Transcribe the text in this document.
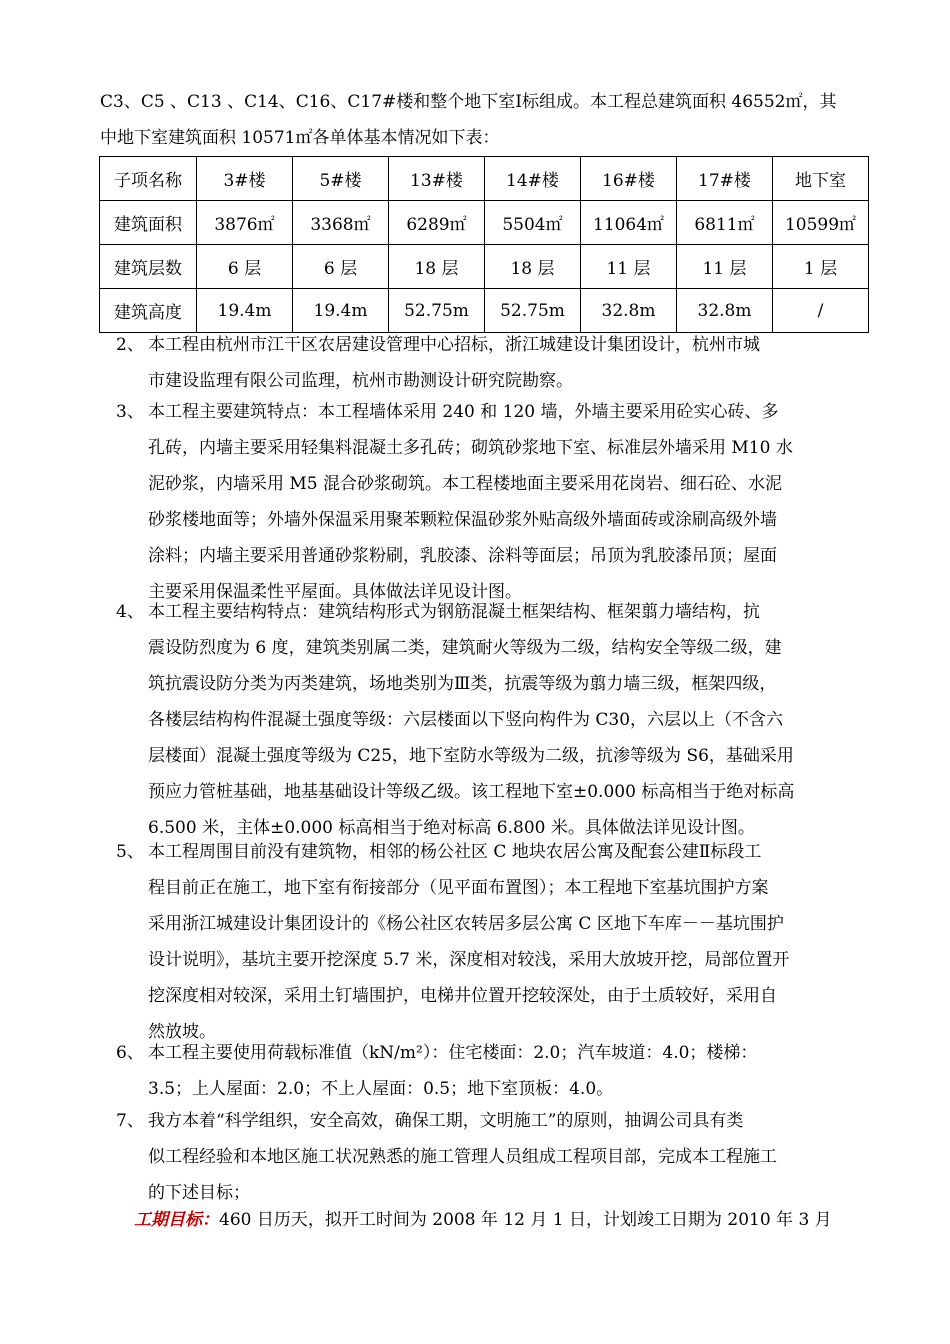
C3、C5 、C13 、C14、C16、C17#楼和整个地下室Ⅰ标组成。本工程总建筑面积 46552㎡，其
中地下室建筑面积 10571㎡各单体基本情况如下表：
子项名称	3#楼	5#楼	13#楼	14#楼	16#楼	17#楼	地下室
建筑面积	3876㎡	3368㎡	6289㎡	5504㎡	11064㎡	6811㎡	10599㎡
建筑层数	6 层	6 层	18 层	18 层	11 层	11 层	1 层
建筑高度	19.4m	19.4m	52.75m	52.75m	32.8m	32.8m	/
2、 本工程由杭州市江干区农居建设管理中心招标，浙江城建设计集团设计，杭州市城

市建设监理有限公司监理，杭州市勘测设计研究院勘察。

3、 本工程主要建筑特点：本工程墙体采用 240 和 120 墙，外墙主要采用砼实心砖、多

孔砖，内墙主要采用轻集料混凝土多孔砖；砌筑砂浆地下室、标准层外墙采用 M10 水

泥砂浆，内墙采用 M5 混合砂浆砌筑。本工程楼地面主要采用花岗岩、细石砼、水泥

砂浆楼地面等；外墙外保温采用聚苯颗粒保温砂浆外贴高级外墙面砖或涂刷高级外墙

涂料；内墙主要采用普通砂浆粉刷，乳胶漆、涂料等面层；吊顶为乳胶漆吊顶；屋面

主要采用保温柔性平屋面。具体做法详见设计图。

4、 本工程主要结构特点：建筑结构形式为钢筋混凝土框架结构、框架翦力墙结构，抗

震设防烈度为 6 度，建筑类别属二类，建筑耐火等级为二级，结构安全等级二级，建

筑抗震设防分类为丙类建筑，场地类别为Ⅲ类，抗震等级为翦力墙三级，框架四级，

各楼层结构构件混凝土强度等级：六层楼面以下竖向构件为 C30，六层以上（不含六

层楼面）混凝土强度等级为 C25，地下室防水等级为二级，抗渗等级为 S6，基础采用

预应力管桩基础，地基基础设计等级乙级。该工程地下室±0.000 标高相当于绝对标高

6.500 米，主体±0.000 标高相当于绝对标高 6.800 米。具体做法详见设计图。

5、 本工程周围目前没有建筑物，相邻的杨公社区 C 地块农居公寓及配套公建Ⅱ标段工

程目前正在施工，地下室有衔接部分（见平面布置图）；本工程地下室基坑围护方案

采用浙江城建设计集团设计的《杨公社区农转居多层公寓 C 区地下车库－－基坑围护

设计说明》，基坑主要开挖深度 5.7 米，深度相对较浅，采用大放坡开挖，局部位置开

挖深度相对较深，采用土钉墙围护，电梯井位置开挖较深处，由于土质较好，采用自

然放坡。

6、 本工程主要使用荷载标准值（kN/m²）：住宅楼面：2.0；汽车坡道：4.0；楼梯：

3.5；上人屋面：2.0；不上人屋面：0.5；地下室顶板：4.0。

7、 我方本着“科学组织，安全高效，确保工期，文明施工”的原则，抽调公司具有类

似工程经验和本地区施工状况熟悉的施工管理人员组成工程项目部，完成本工程施工

的下述目标；

工期目标：460 日历天，拟开工时间为 2008 年 12 月 1 日，计划竣工日期为 2010 年 3 月
